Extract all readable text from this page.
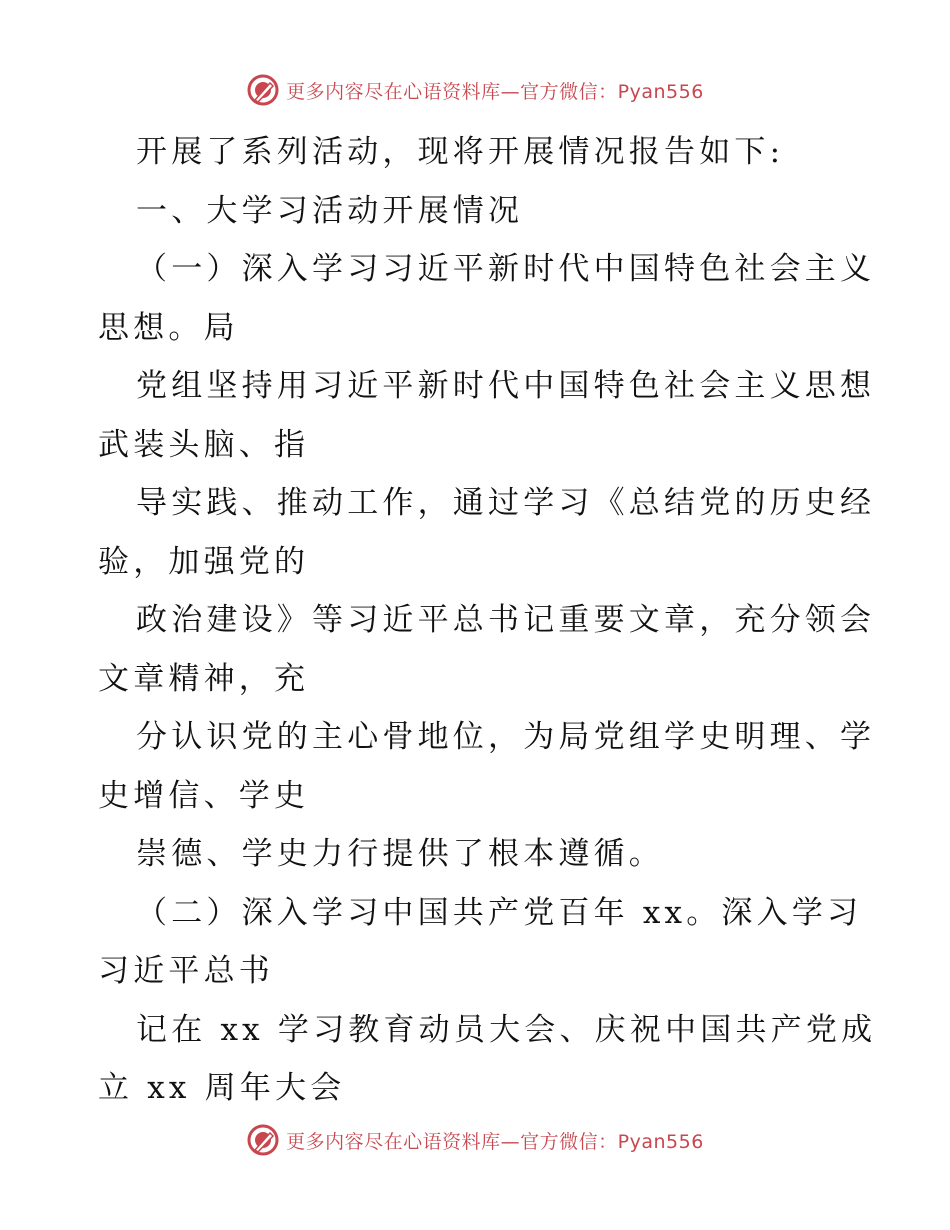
更多内容尽在心语资料库—官方微信：Pyan556
开展了系列活动，现将开展情况报告如下:
一、大学习活动开展情况
（一）深入学习习近平新时代中国特色社会主义
思想。局
党组坚持用习近平新时代中国特色社会主义思想
武装头脑、指
导实践、推动工作，通过学习《总结党的历史经
验，加强党的
政治建设》等习近平总书记重要文章，充分领会
文章精神，充
分认识党的主心骨地位，为局党组学史明理、学
史增信、学史
崇德、学史力行提供了根本遵循。
（二）深入学习中国共产党百年 xx。深入学习
习近平总书
记在 xx 学习教育动员大会、庆祝中国共产党成
立 xx 周年大会
更多内容尽在心语资料库—官方微信：Pyan556
